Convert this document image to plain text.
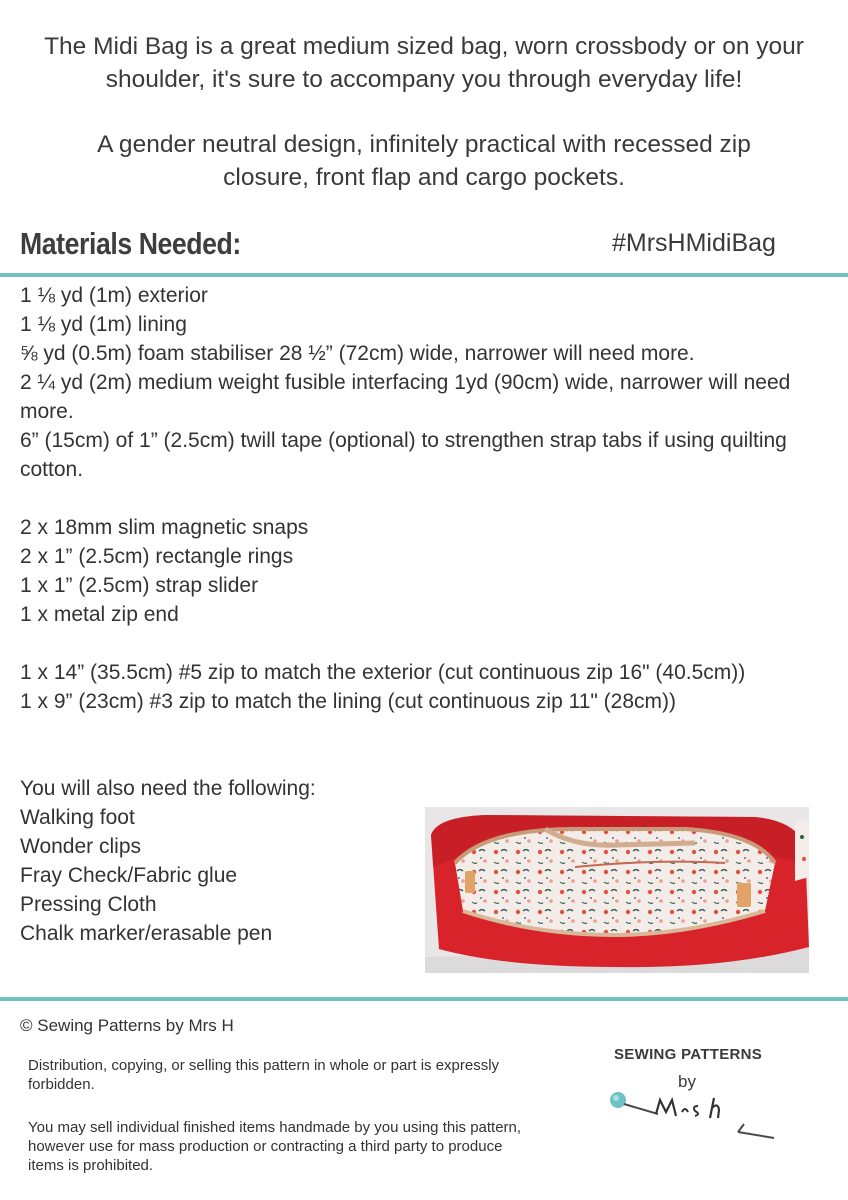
The Midi Bag is a great medium sized bag, worn crossbody or on your shoulder, it's sure to accompany you through everyday life!

A gender neutral design, infinitely practical with recessed zip closure, front flap and cargo pockets.

Materials Needed:	#MrsHMidiBag

1 ⅛ yd (1m) exterior
1 ⅛ yd (1m) lining
⅝ yd (0.5m) foam stabiliser 28 ½” (72cm) wide, narrower will need more.
2 ¼ yd (2m) medium weight fusible interfacing 1yd (90cm) wide, narrower will need more.
6” (15cm) of 1” (2.5cm) twill tape (optional) to strengthen strap tabs if using quilting cotton.
2 x 18mm slim magnetic snaps
2 x 1” (2.5cm) rectangle rings
1 x 1” (2.5cm) strap slider
1 x metal zip end
1 x 14” (35.5cm) #5 zip to match the exterior (cut continuous zip 16" (40.5cm))
1 x 9” (23cm) #3 zip to match the lining (cut continuous zip 11" (28cm))
You will also need the following:
Walking foot
Wonder clips
Fray Check/Fabric glue
Pressing Cloth
Chalk marker/erasable pen

© Sewing Patterns by Mrs H

Distribution, copying, or selling this pattern in whole or part is expressly forbidden.

You may sell individual finished items handmade by you using this pattern, however use for mass production or contracting a third party to produce items is prohibited.

SEWING PATTERNS

by
